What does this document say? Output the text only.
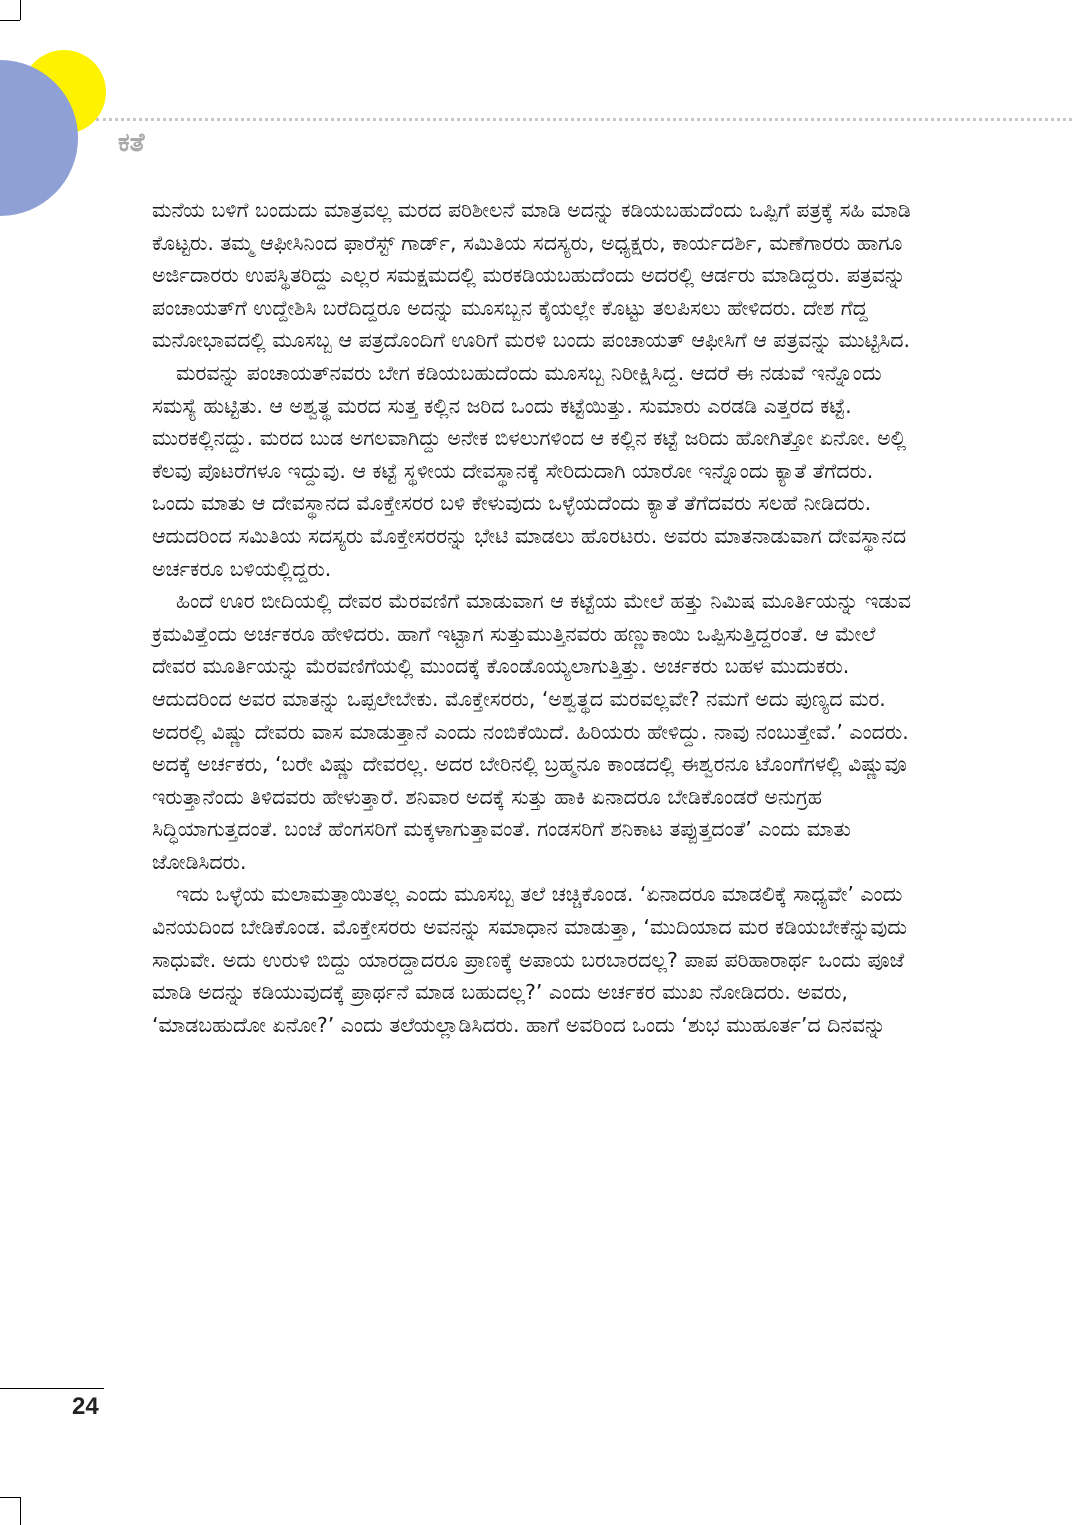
ಕತೆ

ಮನೆಯ ಬಳಿಗೆ ಬಂದುದು ಮಾತ್ರವಲ್ಲ ಮರದ ಪರಿಶೀಲನೆ ಮಾಡಿ ಅದನ್ನು ಕಡಿಯಬಹುದೆಂದು ಒಪ್ಪಿಗೆ ಪತ್ರಕ್ಕೆ ಸಹಿ ಮಾಡಿ ಕೊಟ್ಟರು. ತಮ್ಮ ಆಫೀಸಿನಿಂದ ಫಾರೆಸ್ಟ್ ಗಾರ್ಡ್, ಸಮಿತಿಯ ಸದಸ್ಯರು, ಅಧ್ಯಕ್ಷರು, ಕಾರ್ಯದರ್ಶಿ, ಮಣೆಗಾರರು ಹಾಗೂ ಅರ್ಜಿದಾರರು ಉಪಸ್ಥಿತರಿದ್ದು ಎಲ್ಲರ ಸಮಕ್ಷಮದಲ್ಲಿ ಮರಕಡಿಯಬಹುದೆಂದು ಅದರಲ್ಲಿ ಆರ್ಡರು ಮಾಡಿದ್ದರು. ಪತ್ರವನ್ನು ಪಂಚಾಯತ್‌ಗೆ ಉದ್ದೇಶಿಸಿ ಬರೆದಿದ್ದರೂ ಅದನ್ನು ಮೂಸಬ್ಬನ ಕೈಯಲ್ಲೇ ಕೊಟ್ಟು ತಲಪಿಸಲು ಹೇಳಿದರು. ದೇಶ ಗೆದ್ದ ಮನೋಭಾವದಲ್ಲಿ ಮೂಸಬ್ಬ ಆ ಪತ್ರದೊಂದಿಗೆ ಊರಿಗೆ ಮರಳಿ ಬಂದು ಪಂಚಾಯತ್ ಆಫೀಸಿಗೆ ಆ ಪತ್ರವನ್ನು ಮುಟ್ಟಿಸಿದ.

ಮರವನ್ನು ಪಂಚಾಯತ್‌ನವರು ಬೇಗ ಕಡಿಯಬಹುದೆಂದು ಮೂಸಬ್ಬ ನಿರೀಕ್ಷಿಸಿದ್ದ. ಆದರೆ ಈ ನಡುವೆ ಇನ್ನೊಂದು ಸಮಸ್ಯೆ ಹುಟ್ಟಿತು. ಆ ಅಶ್ವತ್ಥ ಮರದ ಸುತ್ತ ಕಲ್ಲಿನ ಜರಿದ ಒಂದು ಕಟ್ಟೆಯಿತ್ತು. ಸುಮಾರು ಎರಡಡಿ ಎತ್ತರದ ಕಟ್ಟೆ. ಮುರಕಲ್ಲಿನದ್ದು. ಮರದ ಬುಡ ಅಗಲವಾಗಿದ್ದು ಅನೇಕ ಬಿಳಲುಗಳಿಂದ ಆ ಕಲ್ಲಿನ ಕಟ್ಟೆ ಜರಿದು ಹೋಗಿತ್ತೋ ಏನೋ. ಅಲ್ಲಿ ಕೆಲವು ಪೊಟರೆಗಳೂ ಇದ್ದುವು. ಆ ಕಟ್ಟೆ ಸ್ಥಳೀಯ ದೇವಸ್ಥಾನಕ್ಕೆ ಸೇರಿದುದಾಗಿ ಯಾರೋ ಇನ್ನೊಂದು ಕ್ಯಾತೆ ತೆಗೆದರು. ಒಂದು ಮಾತು ಆ ದೇವಸ್ಥಾನದ ಮೊಕ್ತೇಸರರ ಬಳಿ ಕೇಳುವುದು ಒಳ್ಳೆಯದೆಂದು ಕ್ಯಾತೆ ತೆಗೆದವರು ಸಲಹೆ ನೀಡಿದರು. ಆದುದರಿಂದ ಸಮಿತಿಯ ಸದಸ್ಯರು ಮೊಕ್ತೇಸರರನ್ನು ಭೇಟಿ ಮಾಡಲು ಹೊರಟರು. ಅವರು ಮಾತನಾಡುವಾಗ ದೇವಸ್ಥಾನದ ಅರ್ಚಕರೂ ಬಳಿಯಲ್ಲಿದ್ದರು.

ಹಿಂದೆ ಊರ ಬೀದಿಯಲ್ಲಿ ದೇವರ ಮೆರವಣಿಗೆ ಮಾಡುವಾಗ ಆ ಕಟ್ಟೆಯ ಮೇಲೆ ಹತ್ತು ನಿಮಿಷ ಮೂರ್ತಿಯನ್ನು ಇಡುವ ಕ್ರಮವಿತ್ತೆಂದು ಅರ್ಚಕರೂ ಹೇಳಿದರು. ಹಾಗೆ ಇಟ್ಟಾಗ ಸುತ್ತುಮುತ್ತಿನವರು ಹಣ್ಣುಕಾಯಿ ಒಪ್ಪಿಸುತ್ತಿದ್ದರಂತೆ. ಆ ಮೇಲೆ ದೇವರ ಮೂರ್ತಿಯನ್ನು ಮೆರವಣಿಗೆಯಲ್ಲಿ ಮುಂದಕ್ಕೆ ಕೊಂಡೊಯ್ಯಲಾಗುತ್ತಿತ್ತು. ಅರ್ಚಕರು ಬಹಳ ಮುದುಕರು. ಆದುದರಿಂದ ಅವರ ಮಾತನ್ನು ಒಪ್ಪಲೇಬೇಕು. ಮೊಕ್ತೇಸರರು, ‘ಅಶ್ವತ್ಥದ ಮರವಲ್ಲವೇ? ನಮಗೆ ಅದು ಪುಣ್ಯದ ಮರ. ಅದರಲ್ಲಿ ವಿಷ್ಣು ದೇವರು ವಾಸ ಮಾಡುತ್ತಾನೆ ಎಂದು ನಂಬಿಕೆಯಿದೆ. ಹಿರಿಯರು ಹೇಳಿದ್ದು. ನಾವು ನಂಬುತ್ತೇವೆ.’ ಎಂದರು. ಅದಕ್ಕೆ ಅರ್ಚಕರು, ‘ಬರೇ ವಿಷ್ಣು ದೇವರಲ್ಲ. ಅದರ ಬೇರಿನಲ್ಲಿ ಬ್ರಹ್ಮನೂ ಕಾಂಡದಲ್ಲಿ ಈಶ್ವರನೂ ಟೊಂಗೆಗಳಲ್ಲಿ ವಿಷ್ಣುವೂ ಇರುತ್ತಾನೆಂದು ತಿಳಿದವರು ಹೇಳುತ್ತಾರೆ. ಶನಿವಾರ ಅದಕ್ಕೆ ಸುತ್ತು ಹಾಕಿ ಏನಾದರೂ ಬೇಡಿಕೊಂಡರೆ ಅನುಗ್ರಹ ಸಿದ್ಧಿಯಾಗುತ್ತದಂತೆ. ಬಂಜೆ ಹೆಂಗಸರಿಗೆ ಮಕ್ಕಳಾಗುತ್ತಾವಂತೆ. ಗಂಡಸರಿಗೆ ಶನಿಕಾಟ ತಪ್ಪುತ್ತದಂತೆ’ ಎಂದು ಮಾತು ಜೋಡಿಸಿದರು.

ಇದು ಒಳ್ಳೆಯ ಮಲಾಮತ್ತಾಯಿತಲ್ಲ ಎಂದು ಮೂಸಬ್ಬ ತಲೆ ಚಚ್ಚಿಕೊಂಡ. ‘ಏನಾದರೂ ಮಾಡಲಿಕ್ಕೆ ಸಾಧ್ಯವೇ’ ಎಂದು ವಿನಯದಿಂದ ಬೇಡಿಕೊಂಡ. ಮೊಕ್ತೇಸರರು ಅವನನ್ನು ಸಮಾಧಾನ ಮಾಡುತ್ತಾ, ‘ಮುದಿಯಾದ ಮರ ಕಡಿಯಬೇಕೆನ್ನುವುದು ಸಾಧುವೇ. ಅದು ಉರುಳಿ ಬಿದ್ದು ಯಾರದ್ದಾದರೂ ಪ್ರಾಣಕ್ಕೆ ಅಪಾಯ ಬರಬಾರದಲ್ಲ? ಪಾಪ ಪರಿಹಾರಾರ್ಥ ಒಂದು ಪೂಜೆ ಮಾಡಿ ಅದನ್ನು ಕಡಿಯುವುದಕ್ಕೆ ಪ್ರಾರ್ಥನೆ ಮಾಡ ಬಹುದಲ್ಲ?’ ಎಂದು ಅರ್ಚಕರ ಮುಖ ನೋಡಿದರು. ಅವರು, ‘ಮಾಡಬಹುದೋ ಏನೋ?’ ಎಂದು ತಲೆಯಲ್ಲಾಡಿಸಿದರು. ಹಾಗೆ ಅವರಿಂದ ಒಂದು ‘ಶುಭ ಮುಹೂರ್ತ’ದ ದಿನವನ್ನು

24
